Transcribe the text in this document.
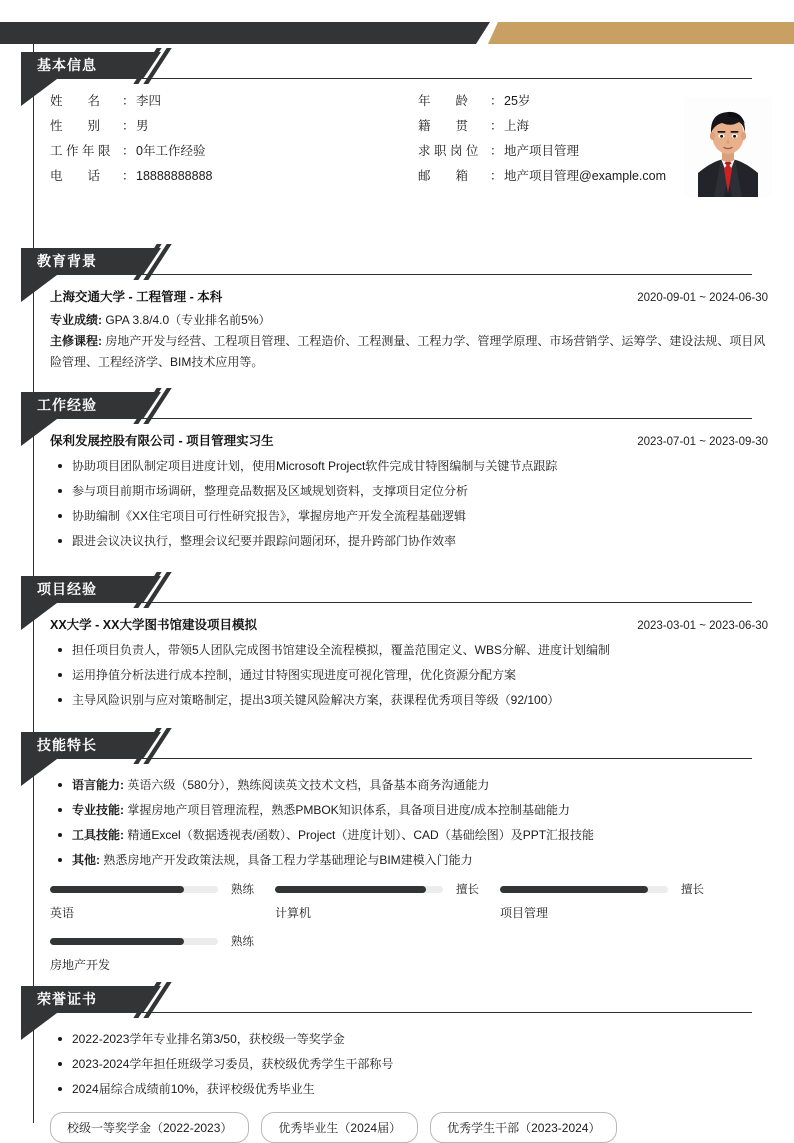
基本信息
姓　　名	： 李四	年　　龄	： 25岁
性　　别	： 男	籍　　贯	： 上海
工 作 年 限 ： 0年工作经验	求 职 岗 位 ： 地产项目管理
电　　话	： 18888888888	邮　　箱	： 地产项目管理@example.com
教育背景
上海交通大学 - 工程管理 - 本科	2020-09-01 ~ 2024-06-30
专业成绩: GPA 3.8/4.0（专业排名前5%）
主修课程: 房地产开发与经营、工程项目管理、工程造价、工程测量、工程力学、管理学原理、市场营销学、运筹学、建设法规、项目风险管理、工程经济学、BIM技术应用等。
工作经验
保利发展控股有限公司 - 项目管理实习生	2023-07-01 ~ 2023-09-30
协助项目团队制定项目进度计划，使用Microsoft Project软件完成甘特图编制与关键节点跟踪
参与项目前期市场调研，整理竞品数据及区域规划资料，支撑项目定位分析
协助编制《XX住宅项目可行性研究报告》，掌握房地产开发全流程基础逻辑
跟进会议决议执行，整理会议纪要并跟踪问题闭环，提升跨部门协作效率
项目经验
XX大学 - XX大学图书馆建设项目模拟	2023-03-01 ~ 2023-06-30
担任项目负责人，带领5人团队完成图书馆建设全流程模拟，覆盖范围定义、WBS分解、进度计划编制
运用挣值分析法进行成本控制，通过甘特图实现进度可视化管理，优化资源分配方案
主导风险识别与应对策略制定，提出3项关键风险解决方案，获课程优秀项目等级（92/100）
技能特长
语言能力: 英语六级（580分），熟练阅读英文技术文档，具备基本商务沟通能力
专业技能: 掌握房地产项目管理流程，熟悉PMBOK知识体系，具备项目进度/成本控制基础能力
工具技能: 精通Excel（数据透视表/函数）、Project（进度计划）、CAD（基础绘图）及PPT汇报技能
其他: 熟悉房地产开发政策法规，具备工程力学基础理论与BIM建模入门能力
熟练
英语
擅长
计算机
擅长
项目管理
熟练
房地产开发
荣誉证书
2022-2023学年专业排名第3/50，获校级一等奖学金
2023-2024学年担任班级学习委员，获校级优秀学生干部称号
2024届综合成绩前10%，获评校级优秀毕业生
校级一等奖学金（2022-2023）	优秀毕业生（2024届）	优秀学生干部（2023-2024）
